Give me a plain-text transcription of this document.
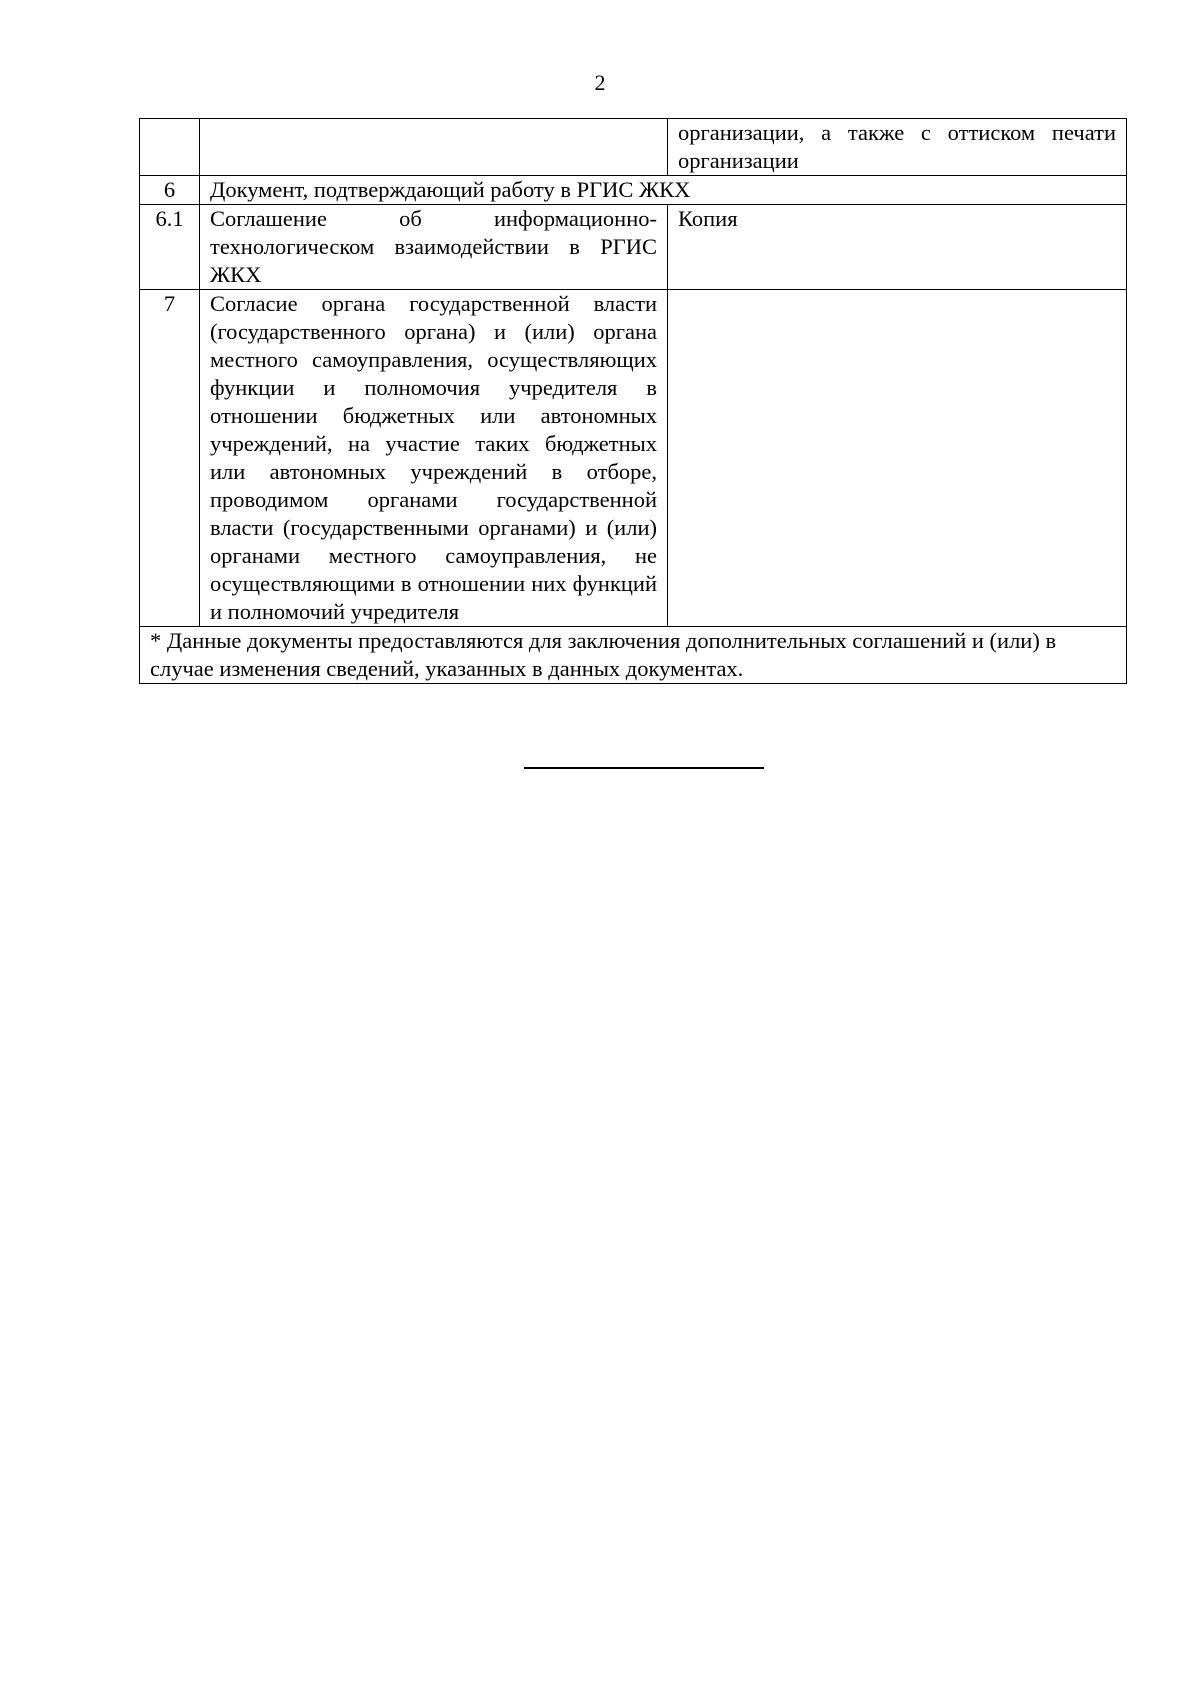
2
		организации, а также с оттиском печати организации
6	Документ, подтверждающий работу в РГИС ЖКХ	
6.1	Соглашение об информационно-технологическом взаимодействии в РГИС ЖКХ	Копия
7	Согласие органа государственной власти (государственного органа) и (или) органа местного самоуправления, осуществляющих функции и полномочия учредителя в отношении бюджетных или автономных учреждений, на участие таких бюджетных или автономных учреждений в отборе, проводимом органами государственной власти (государственными органами) и (или) органами местного самоуправления, не осуществляющими в отношении них функций и полномочий учредителя	
* Данные документы предоставляются для заключения дополнительных соглашений и (или) в случае изменения сведений, указанных в данных документах.		
